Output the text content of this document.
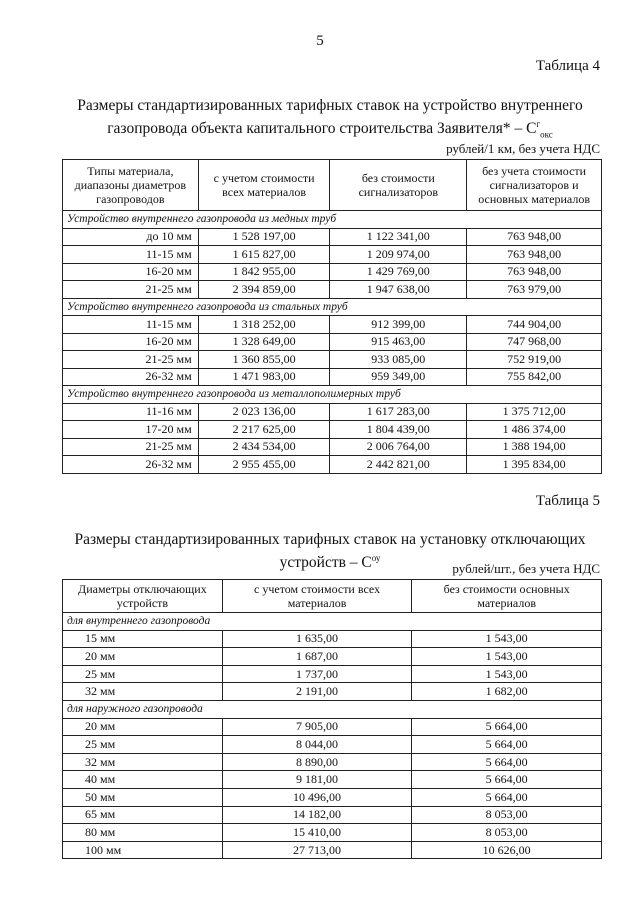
5
Таблица 4
Размеры стандартизированных тарифных ставок на устройство внутреннего
газопровода объекта капитального строительства Заявителя* – $С^г_{окс}$
рублей/1 км, без учета НДС
Типы материала, диапазоны диаметров газопроводов	с учетом стоимости всех материалов	без стоимости сигнализаторов	без учета стоимости сигнализаторов и основных материалов
Устройство внутреннего газопровода из медных труб			
до 10 мм	1 528 197,00	1 122 341,00	763 948,00
11-15 мм	1 615 827,00	1 209 974,00	763 948,00
16-20 мм	1 842 955,00	1 429 769,00	763 948,00
21-25 мм	2 394 859,00	1 947 638,00	763 979,00
Устройство внутреннего газопровода из стальных труб			
11-15 мм	1 318 252,00	912 399,00	744 904,00
16-20 мм	1 328 649,00	915 463,00	747 968,00
21-25 мм	1 360 855,00	933 085,00	752 919,00
26-32 мм	1 471 983,00	959 349,00	755 842,00
Устройство внутреннего газопровода из металлополимерных труб			
11-16 мм	2 023 136,00	1 617 283,00	1 375 712,00
17-20 мм	2 217 625,00	1 804 439,00	1 486 374,00
21-25 мм	2 434 534,00	2 006 764,00	1 388 194,00
26-32 мм	2 955 455,00	2 442 821,00	1 395 834,00
Таблица 5
Размеры стандартизированных тарифных ставок на установку отключающих
устройств – $С^{оу}$
рублей/шт., без учета НДС
Диаметры отключающих устройств	с учетом стоимости всех материалов	без стоимости основных материалов
для внутреннего газопровода		
15 мм	1 635,00	1 543,00
20 мм	1 687,00	1 543,00
25 мм	1 737,00	1 543,00
32 мм	2 191,00	1 682,00
для наружного газопровода		
20 мм	7 905,00	5 664,00
25 мм	8 044,00	5 664,00
32 мм	8 890,00	5 664,00
40 мм	9 181,00	5 664,00
50 мм	10 496,00	5 664,00
65 мм	14 182,00	8 053,00
80 мм	15 410,00	8 053,00
100 мм	27 713,00	10 626,00
